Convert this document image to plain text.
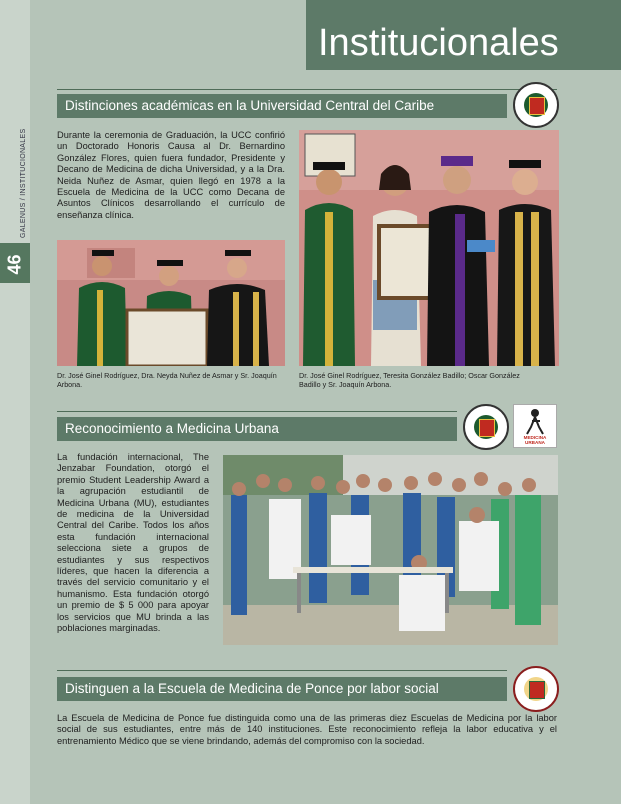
GALENUS / INSTITUCIONALES
46
Institucionales
Distinciones académicas en la Universidad Central del Caribe
Durante la ceremonia de Graduación, la UCC confirió un Doctorado Honoris Causa al Dr. Bernardino González Flores, quien fuera fundador, Presidente y Decano de Medicina de dicha Universidad, y a la Dra. Neida Nuñez de Asmar, quien llegó en 1978 a la Escuela de Medicina de la UCC como Decana de Asuntos Clínicos desarrollando el currículo de enseñanza clínica.
Dr. José Ginel Rodríguez, Dra. Neyda Nuñez de Asmar y Sr. Joaquín Arbona.
Dr. José Ginel Rodríguez, Teresita González Badillo; Oscar González Badillo y Sr. Joaquín Arbona.
Reconocimiento a Medicina Urbana
MEDICINA URBANA
La fundación internacional, The Jenzabar Foundation, otorgó el premio Student Leadership Award a la agrupación estudiantil de Medicina Urbana (MU), estudiantes de medicina de la Universidad Central del Caribe. Todos los años esta fundación internacional selecciona siete a grupos de estudiantes y sus respectivos líderes, que hacen la diferencia a través del servicio comunitario y el humanismo. Esta fundación otorgó un premio de $ 5 000 para apoyar los servicios que MU brinda a las poblaciones marginadas.
Distinguen a la Escuela de Medicina de Ponce por labor social
La Escuela de Medicina de Ponce fue distinguida como una de las primeras diez Escuelas de Medicina por la labor social de sus estudiantes, entre más de 140 instituciones. Este reconocimiento refleja la labor educativa y el entrenamiento Médico que se viene brindando, además del compromiso con la sociedad.
